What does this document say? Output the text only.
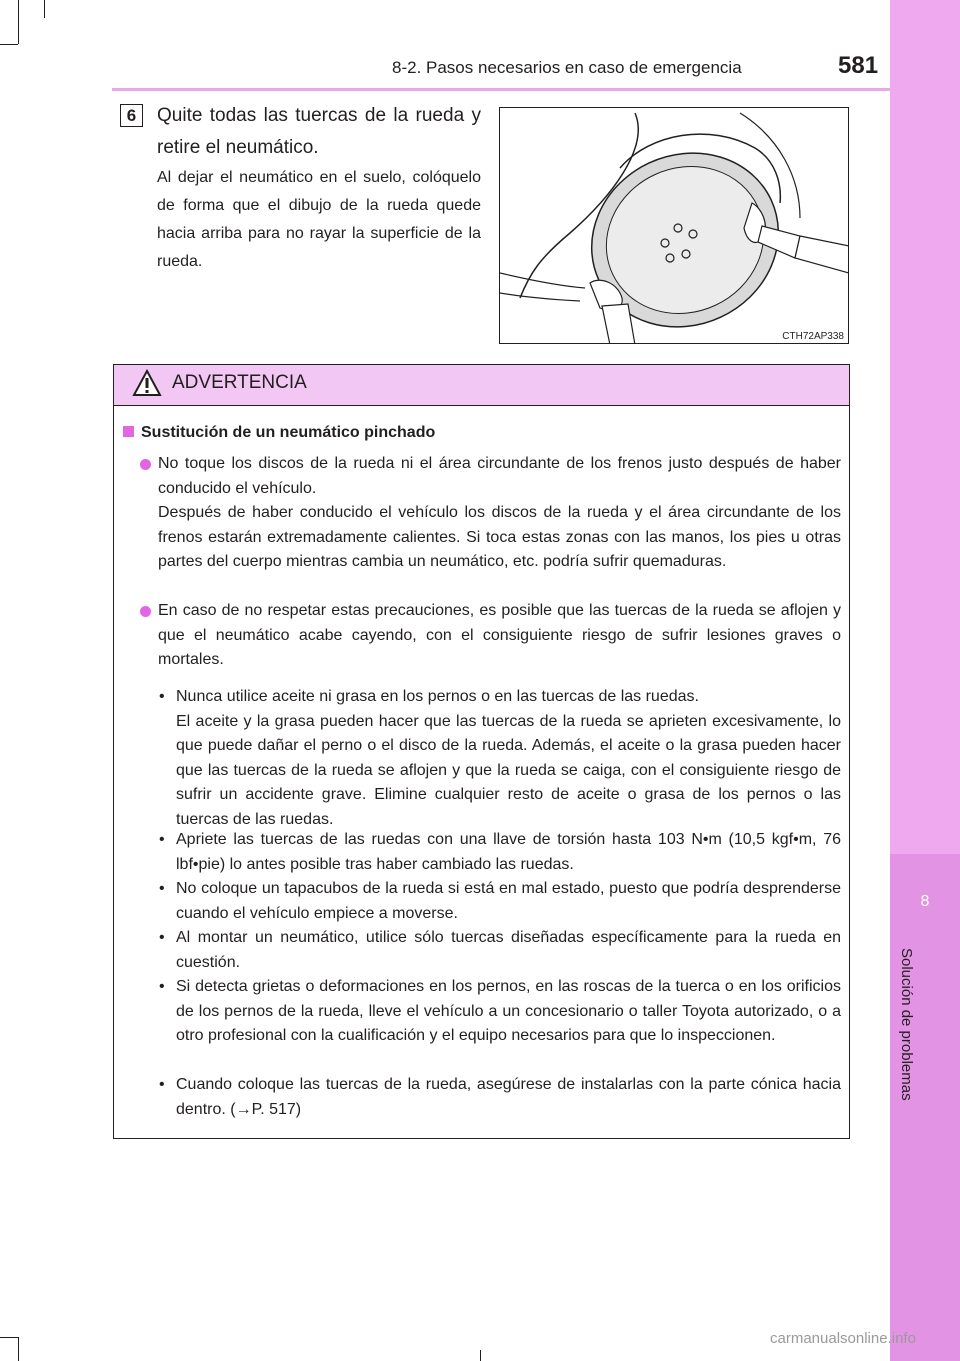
8
Solución de problemas
8-2. Pasos necesarios en caso de emergencia	581
6	Quite todas las tuercas de la rueda y retire el neumático.
Al dejar el neumático en el suelo, colóquelo de forma que el dibujo de la rueda quede hacia arriba para no rayar la superficie de la rueda.
CTH72AP338
ADVERTENCIA
Sustitución de un neumático pinchado

No toque los discos de la rueda ni el área circundante de los frenos justo después de haber conducido el vehículo.

Después de haber conducido el vehículo los discos de la rueda y el área circundante de los frenos estarán extremadamente calientes. Si toca estas zonas con las manos, los pies u otras partes del cuerpo mientras cambia un neumático, etc. podría sufrir quemaduras.

En caso de no respetar estas precauciones, es posible que las tuercas de la rueda se aflojen y que el neumático acabe cayendo, con el consiguiente riesgo de sufrir lesiones graves o mortales.

• Nunca utilice aceite ni grasa en los pernos o en las tuercas de las ruedas.

El aceite y la grasa pueden hacer que las tuercas de la rueda se aprieten excesivamente, lo que puede dañar el perno o el disco de la rueda. Además, el aceite o la grasa pueden hacer que las tuercas de la rueda se aflojen y que la rueda se caiga, con el consiguiente riesgo de sufrir un accidente grave. Elimine cualquier resto de aceite o grasa de los pernos o las tuercas de las ruedas.

• Apriete las tuercas de las ruedas con una llave de torsión hasta 103 N•m (10,5 kgf•m, 76 lbf•pie) lo antes posible tras haber cambiado las ruedas.

• No coloque un tapacubos de la rueda si está en mal estado, puesto que podría desprenderse cuando el vehículo empiece a moverse.

• Al montar un neumático, utilice sólo tuercas diseñadas específicamente para la rueda en cuestión.

• Si detecta grietas o deformaciones en los pernos, en las roscas de la tuerca o en los orificios de los pernos de la rueda, lleve el vehículo a un concesionario o taller Toyota autorizado, o a otro profesional con la cualificación y el equipo necesarios para que lo inspeccionen.

• Cuando coloque las tuercas de la rueda, asegúrese de instalarlas con la parte cónica hacia dentro. (→P. 517)

carmanualsonline.info
